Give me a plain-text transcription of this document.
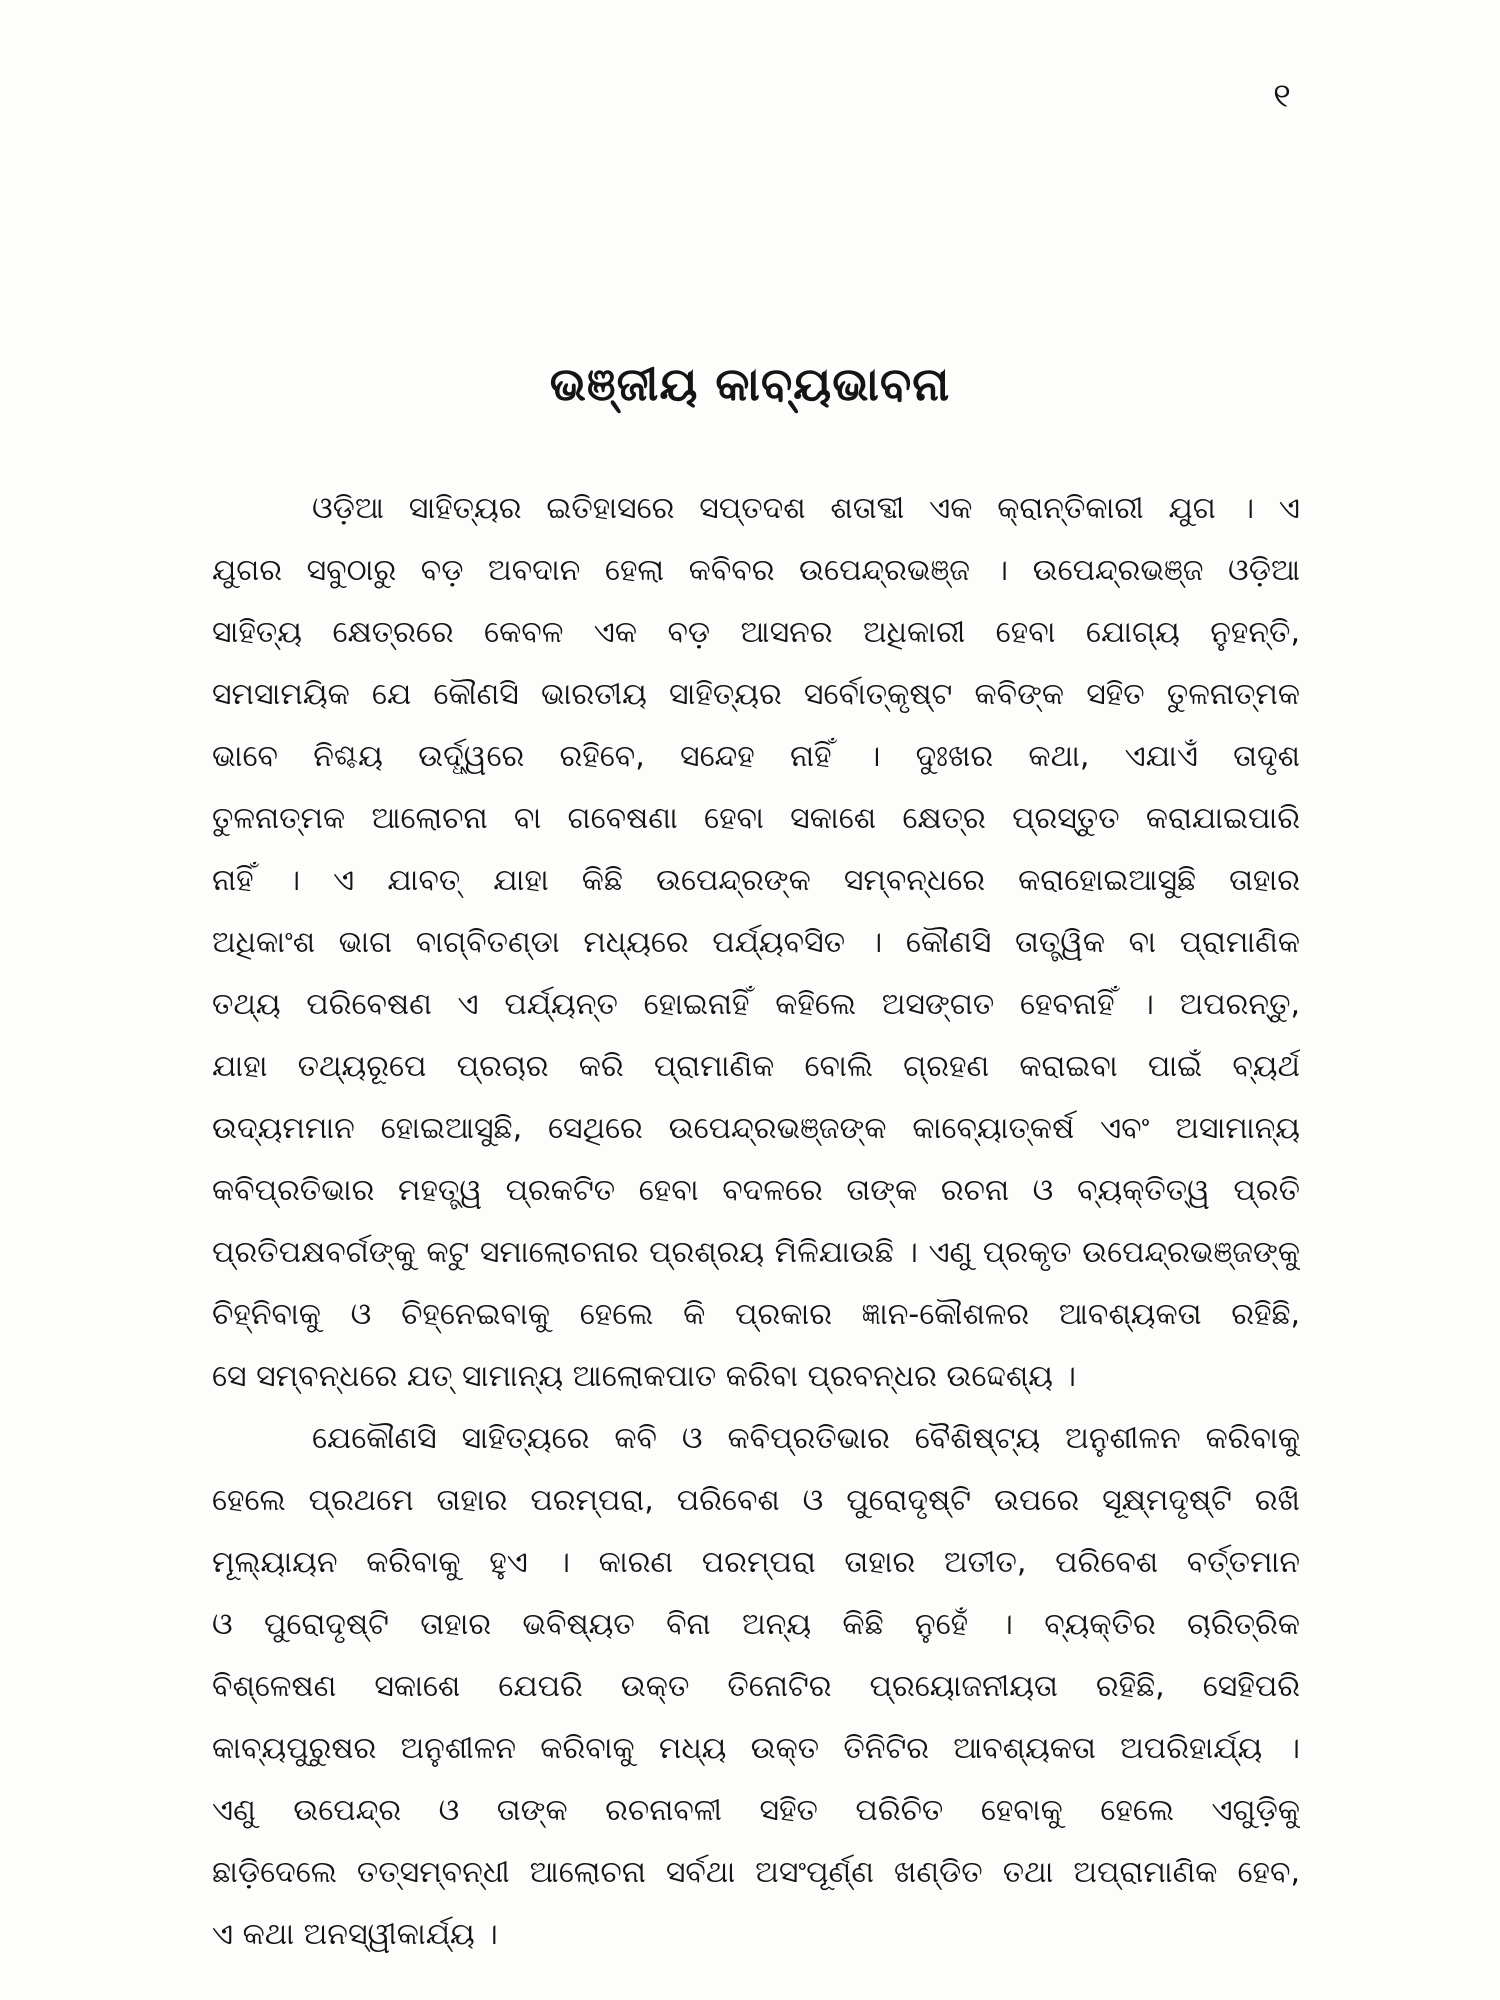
୧
ଭଞ୍ଜୀୟ କାବ୍ୟଭାବନା
ଓଡ଼ିଆ ସାହିତ୍ୟର ଇତିହାସରେ ସପ୍ତଦଶ ଶତାବ୍ଦୀ ଏକ କ୍ରାନ୍ତିକାରୀ ଯୁଗ । ଏ
ଯୁଗର ସବୁଠାରୁ ବଡ଼ ଅବଦାନ ହେଲା କବିବର ଉପେନ୍ଦ୍ରଭଞ୍ଜ । ଉପେନ୍ଦ୍ରଭଞ୍ଜ ଓଡ଼ିଆ
ସାହିତ୍ୟ କ୍ଷେତ୍ରରେ କେବଳ ଏକ ବଡ଼ ଆସନର ଅଧିକାରୀ ହେବା ଯୋଗ୍ୟ ନୁହନ୍ତି,
ସମସାମୟିକ ଯେ କୌଣସି ଭାରତୀୟ ସାହିତ୍ୟର ସର୍ବୋତ୍କୃଷ୍ଟ କବିଙ୍କ ସହିତ ତୁଳନାତ୍ମକ
ଭାବେ ନିଶ୍ଚୟ ଉର୍ଦ୍ଧ୍ୱରେ ରହିବେ, ସନ୍ଦେହ ନାହିଁ । ଦୁଃଖର କଥା, ଏଯାଏଁ ତାଦୃଶ
ତୁଳନାତ୍ମକ ଆଲୋଚନା ବା ଗବେଷଣା ହେବା ସକାଶେ କ୍ଷେତ୍ର ପ୍ରସ୍ତୁତ କରାଯାଇପାରି
ନାହିଁ । ଏ ଯାବତ୍ ଯାହା କିଛି ଉପେନ୍ଦ୍ରଙ୍କ ସମ୍ବନ୍ଧରେ କରାହୋଇଆସୁଛି ତାହାର
ଅଧିକାଂଶ ଭାଗ ବାଗ୍‌ବିତଣ୍ଡା ମଧ୍ୟରେ ପର୍ଯ୍ୟବସିତ । କୌଣସି ତାତ୍ତ୍ୱିକ ବା ପ୍ରାମାଣିକ
ତଥ୍ୟ ପରିବେଷଣ ଏ ପର୍ଯ୍ୟନ୍ତ ହୋଇନାହିଁ କହିଲେ ଅସଙ୍ଗତ ହେବନାହିଁ । ଅପରନ୍ତୁ,
ଯାହା ତଥ୍ୟରୂପେ ପ୍ରଚାର କରି ପ୍ରାମାଣିକ ବୋଲି ଗ୍ରହଣ କରାଇବା ପାଇଁ ବ୍ୟର୍ଥ
ଉଦ୍ୟମମାନ ହୋଇଆସୁଛି, ସେଥିରେ ଉପେନ୍ଦ୍ରଭଞ୍ଜଙ୍କ କାବ୍ୟୋତ୍କର୍ଷ ଏବଂ ଅସାମାନ୍ୟ
କବିପ୍ରତିଭାର ମହତ୍ତ୍ୱ ପ୍ରକଟିତ ହେବା ବଦଳରେ ତାଙ୍କ ରଚନା ଓ ବ୍ୟକ୍ତିତ୍ୱ ପ୍ରତି
ପ୍ରତିପକ୍ଷବର୍ଗଙ୍କୁ କଟୁ ସମାଲୋଚନାର ପ୍ରଶ୍ରୟ ମିଳିଯାଉଛି । ଏଣୁ ପ୍ରକୃତ ଉପେନ୍ଦ୍ରଭଞ୍ଜଙ୍କୁ
ଚିହ୍ନିବାକୁ ଓ ଚିହ୍ନେଇବାକୁ ହେଲେ କି ପ୍ରକାର ଜ୍ଞାନ-କୌଶଳର ଆବଶ୍ୟକତା ରହିଛି,
ସେ ସମ୍ବନ୍ଧରେ ଯତ୍ ସାମାନ୍ୟ ଆଲୋକପାତ କରିବା ପ୍ରବନ୍ଧର ଉଦ୍ଦେଶ୍ୟ ।
ଯେକୌଣସି ସାହିତ୍ୟରେ କବି ଓ କବିପ୍ରତିଭାର ବୈଶିଷ୍ଟ୍ୟ ଅନୁଶୀଳନ କରିବାକୁ
ହେଲେ ପ୍ରଥମେ ତାହାର ପରମ୍ପରା, ପରିବେଶ ଓ ପୁରୋଦୃଷ୍ଟି ଉପରେ ସୂକ୍ଷ୍ମଦୃଷ୍ଟି ରଖି
ମୂଲ୍ୟାୟନ କରିବାକୁ ହୁଏ । କାରଣ ପରମ୍ପରା ତାହାର ଅତୀତ, ପରିବେଶ ବର୍ତ୍ତମାନ
ଓ ପୁରୋଦୃଷ୍ଟି ତାହାର ଭବିଷ୍ୟତ ବିନା ଅନ୍ୟ କିଛି ନୁହେଁ । ବ୍ୟକ୍ତିର ଚାରିତ୍ରିକ
ବିଶ୍ଳେଷଣ ସକାଶେ ଯେପରି ଉକ୍ତ ତିନୋଟିର ପ୍ରୟୋଜନୀୟତା ରହିଛି, ସେହିପରି
କାବ୍ୟପୁରୁଷର ଅନୁଶୀଳନ କରିବାକୁ ମଧ୍ୟ ଉକ୍ତ ତିନିଟିର ଆବଶ୍ୟକତା ଅପରିହାର୍ଯ୍ୟ ।
ଏଣୁ ଉପେନ୍ଦ୍ର ଓ ତାଙ୍କ ରଚନାବଳୀ ସହିତ ପରିଚିତ ହେବାକୁ ହେଲେ ଏଗୁଡ଼ିକୁ
ଛାଡ଼ିଦେଲେ ତତ୍‌ସମ୍ବନ୍ଧୀ ଆଲୋଚନା ସର୍ବଥା ଅସଂପୂର୍ଣ୍ଣ ଖଣ୍ଡିତ ତଥା ଅପ୍ରାମାଣିକ ହେବ,
ଏ କଥା ଅନସ୍ୱୀକାର୍ଯ୍ୟ ।
